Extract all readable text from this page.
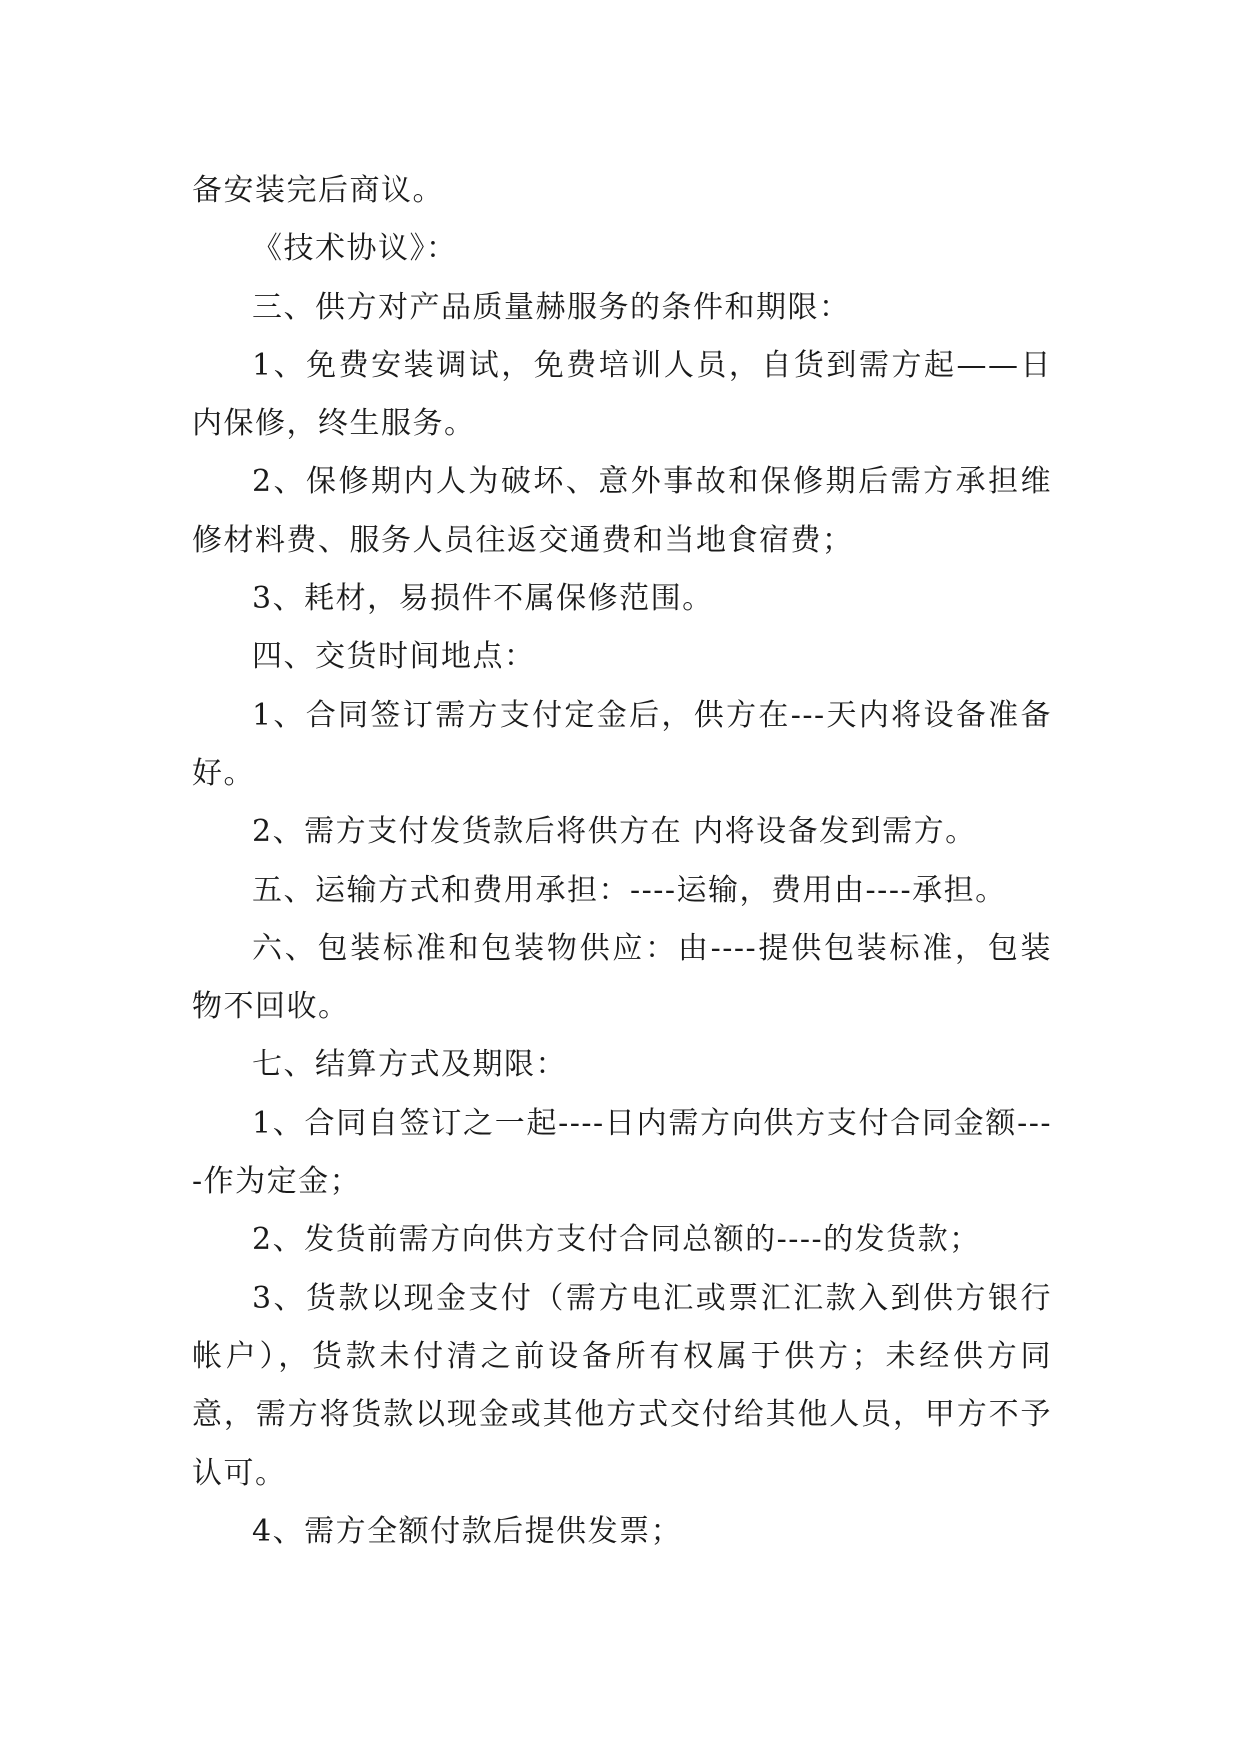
备安装完后商议。

《技术协议》：

三、供方对产品质量赫服务的条件和期限：

1、免费安装调试，免费培训人员，自货到需方起——日内保修，终生服务。

2、保修期内人为破坏、意外事故和保修期后需方承担维修材料费、服务人员往返交通费和当地食宿费；

3、耗材，易损件不属保修范围。

四、交货时间地点：

1、合同签订需方支付定金后，供方在---天内将设备准备好。

2、需方支付发货款后将供方在 内将设备发到需方。

五、运输方式和费用承担：----运输，费用由----承担。

六、包装标准和包装物供应：由----提供包装标准，包装物不回收。

七、结算方式及期限：

1、合同自签订之一起----日内需方向供方支付合同金额----作为定金；

2、发货前需方向供方支付合同总额的----的发货款；

3、货款以现金支付（需方电汇或票汇汇款入到供方银行帐户），货款未付清之前设备所有权属于供方；未经供方同意，需方将货款以现金或其他方式交付给其他人员，甲方不予认可。

4、需方全额付款后提供发票；
